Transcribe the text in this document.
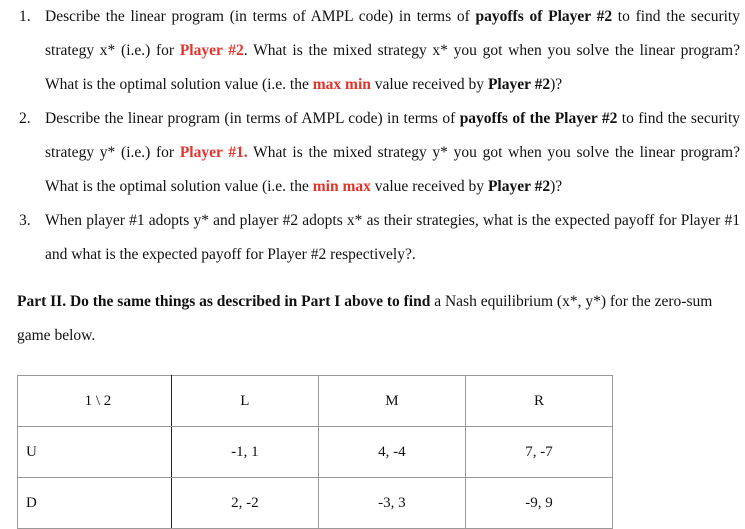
1. Describe the linear program (in terms of AMPL code) in terms of payoffs of Player #2 to find the security strategy x* (i.e.) for Player #2. What is the mixed strategy x* you got when you solve the linear program? What is the optimal solution value (i.e. the max min value received by Player #2)?
2. Describe the linear program (in terms of AMPL code) in terms of payoffs of the Player #2 to find the security strategy y* (i.e.) for Player #1. What is the mixed strategy y* you got when you solve the linear program? What is the optimal solution value (i.e. the min max value received by Player #2)?
3. When player #1 adopts y* and player #2 adopts x* as their strategies, what is the expected payoff for Player #1 and what is the expected payoff for Player #2 respectively?.
Part II. Do the same things as described in Part I above to find a Nash equilibrium (x*, y*) for the zero-sum game below.
1 \ 2	L	M	R
U	-1, 1	4, -4	7, -7
D	2, -2	-3, 3	-9, 9
